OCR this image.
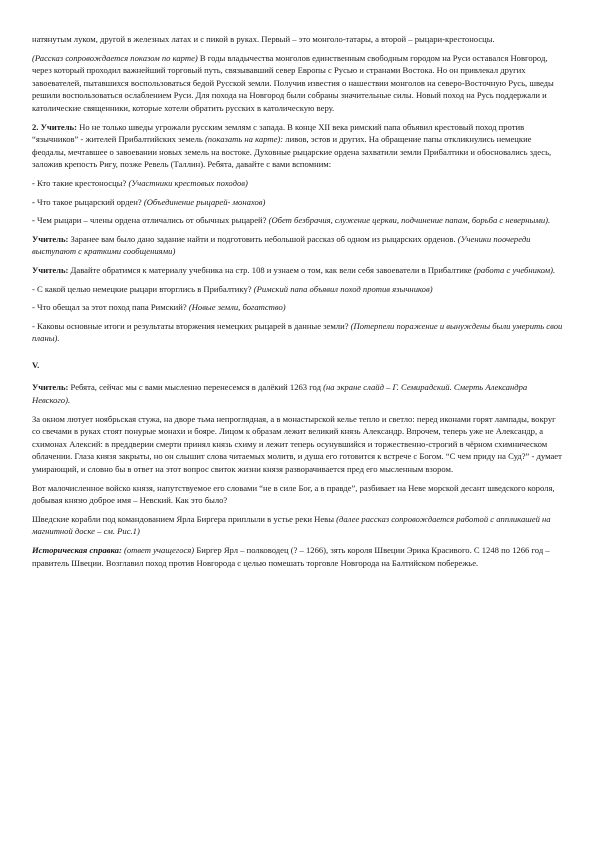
натянутым луком, другой в железных латах и с пикой в руках. Первый – это монголо-татары, а второй – рыцари-крестоносцы.

(Рассказ сопровождается показом по карте) В годы владычества монголов единственным свободным городом на Руси оставался Новгород, через который проходил важнейший торговый путь, связывавший север Европы с Русью и странами Востока. Но он привлекал других завоевателей, пытавшихся воспользоваться бедой Русской земли. Получив известия о нашествии монголов на северо-Восточную Русь, шведы решили воспользоваться ослаблением Руси. Для похода на Новгород были собраны значительные силы. Новый поход на Русь поддержали и католические священники, которые хотели обратить русских в католическую веру.

2. Учитель: Но не только шведы угрожали русским землям с запада. В конце XII века римский папа объявил крестовый поход против “язычников” - жителей Прибалтийских земель (показать на карте): ливов, эстов и других. На обращение папы откликнулись немецкие феодалы, мечтавшее о завоевании новых земель на востоке. Духовные рыцарские ордена захватили земли Прибалтики и обосновались здесь, заложив крепость Ригу, позже Ревель (Таллин). Ребята, давайте с вами вспомним:

- Кто такие крестоносцы? (Участники крестовых походов)

- Что такое рыцарский орден? (Объединение рыцарей- монахов)

- Чем рыцари – члены ордена отличались от обычных рыцарей? (Обет безбрачия, служение церкви, подчинение папам, борьба с неверными).

Учитель: Заранее вам было дано задание найти и подготовить небольшой рассказ об одном из рыцарских орденов. (Ученики поочереди выступают с краткими сообщениями)

Учитель: Давайте обратимся к материалу учебника на стр. 108 и узнаем о том, как вели себя завоеватели в Прибалтике (работа с учебником).

- С какой целью немецкие рыцари вторглись в Прибалтику? (Римский папа объявил поход против язычников)

- Что обещал за этот поход папа Римский? (Новые земли, богатство)

- Каковы основные итоги и результаты вторжения немецких рыцарей в данные земли? (Потерпели поражение и вынуждены были умерить свои планы).

V.

Учитель: Ребята, сейчас мы с вами мысленно перенесемся в далёкий 1263 год (на экране слайд – Г. Семирадский. Смерть Александра Невского).

За окном лютует ноябрьская стужа, на дворе тьма непроглядная, а в монастырской келье тепло и светло: перед иконами горят лампады, вокруг со свечами в руках стоят понурые монахи и бояре. Лицом к образам лежит великий князь Александр. Впрочем, теперь уже не Александр, а схимонах Алексий: в преддверии смерти принял князь схиму и лежит теперь осунувшийся и торжественно-строгий в чёрном схимническом облачении. Глаза князя закрыты, но он слышит слова читаемых молитв, и душа его готовится к встрече с Богом. “С чем приду на Суд?” - думает умирающий, и словно бы в ответ на этот вопрос свиток жизни князя разворачивается пред его мысленным взором.

Вот малочисленное войско князя, напутствуемое его словами “не в силе Бог, а в правде”, разбивает на Неве морской десант шведского короля, добывая князю доброе имя – Невский. Как это было?

Шведские корабли под командованием Ярла Биргера приплыли в устье реки Невы (далее рассказ сопровождается работой с аппликашей на магнитной доске – см. Рис.1)

Историческая справка: (ответ учащегося) Биргер Ярл – полководец (? – 1266), зять короля Швеции Эрика Красивого. С 1248 по 1266 год – правитель Швеции. Возглавил поход против Новгорода с целью помешать торговле Новгорода на Балтийском побережье.
